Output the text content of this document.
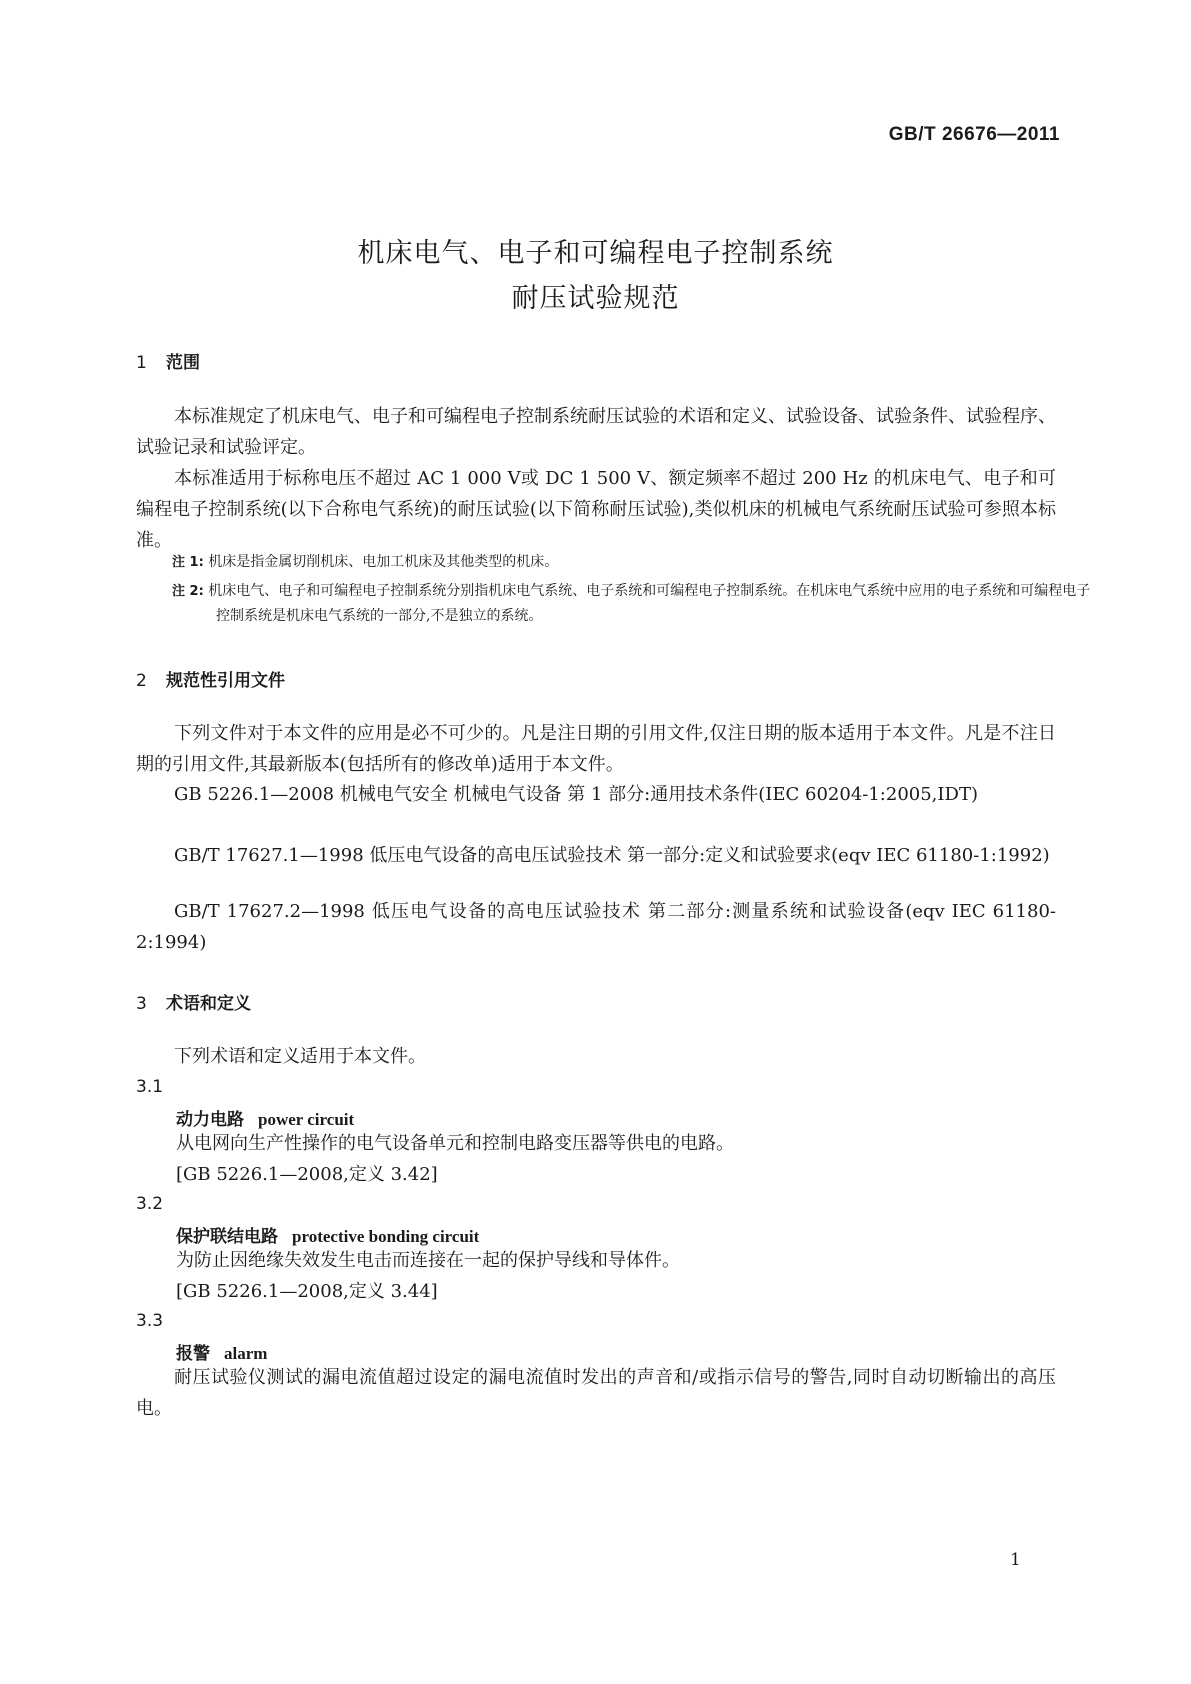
GB/T 26676—2011
机床电气、电子和可编程电子控制系统
耐压试验规范
1 范围

本标准规定了机床电气、电子和可编程电子控制系统耐压试验的术语和定义、试验设备、试验条件、试验程序、试验记录和试验评定。

本标准适用于标称电压不超过 AC 1 000 V或 DC 1 500 V、额定频率不超过 200 Hz 的机床电气、电子和可编程电子控制系统(以下合称电气系统)的耐压试验(以下简称耐压试验),类似机床的机械电气系统耐压试验可参照本标准。

注 1: 机床是指金属切削机床、电加工机床及其他类型的机床。

注 2: 机床电气、电子和可编程电子控制系统分别指机床电气系统、电子系统和可编程电子控制系统。在机床电气系统中应用的电子系统和可编程电子控制系统是机床电气系统的一部分,不是独立的系统。

2 规范性引用文件

下列文件对于本文件的应用是必不可少的。凡是注日期的引用文件,仅注日期的版本适用于本文件。凡是不注日期的引用文件,其最新版本(包括所有的修改单)适用于本文件。

GB 5226.1—2008 机械电气安全 机械电气设备 第 1 部分:通用技术条件(IEC 60204-1:2005,IDT)

GB/T 17627.1—1998 低压电气设备的高电压试验技术 第一部分:定义和试验要求(eqv IEC 61180-1:1992)

GB/T 17627.2—1998 低压电气设备的高电压试验技术 第二部分:测量系统和试验设备(eqv IEC 61180-2:1994)

3 术语和定义

下列术语和定义适用于本文件。

3.1
动力电路 power circuit

从电网向生产性操作的电气设备单元和控制电路变压器等供电的电路。

[GB 5226.1—2008,定义 3.42]

3.2
保护联结电路 protective bonding circuit

为防止因绝缘失效发生电击而连接在一起的保护导线和导体件。

[GB 5226.1—2008,定义 3.44]

3.3
报警 alarm

耐压试验仪测试的漏电流值超过设定的漏电流值时发出的声音和/或指示信号的警告,同时自动切断输出的高压电。

1
